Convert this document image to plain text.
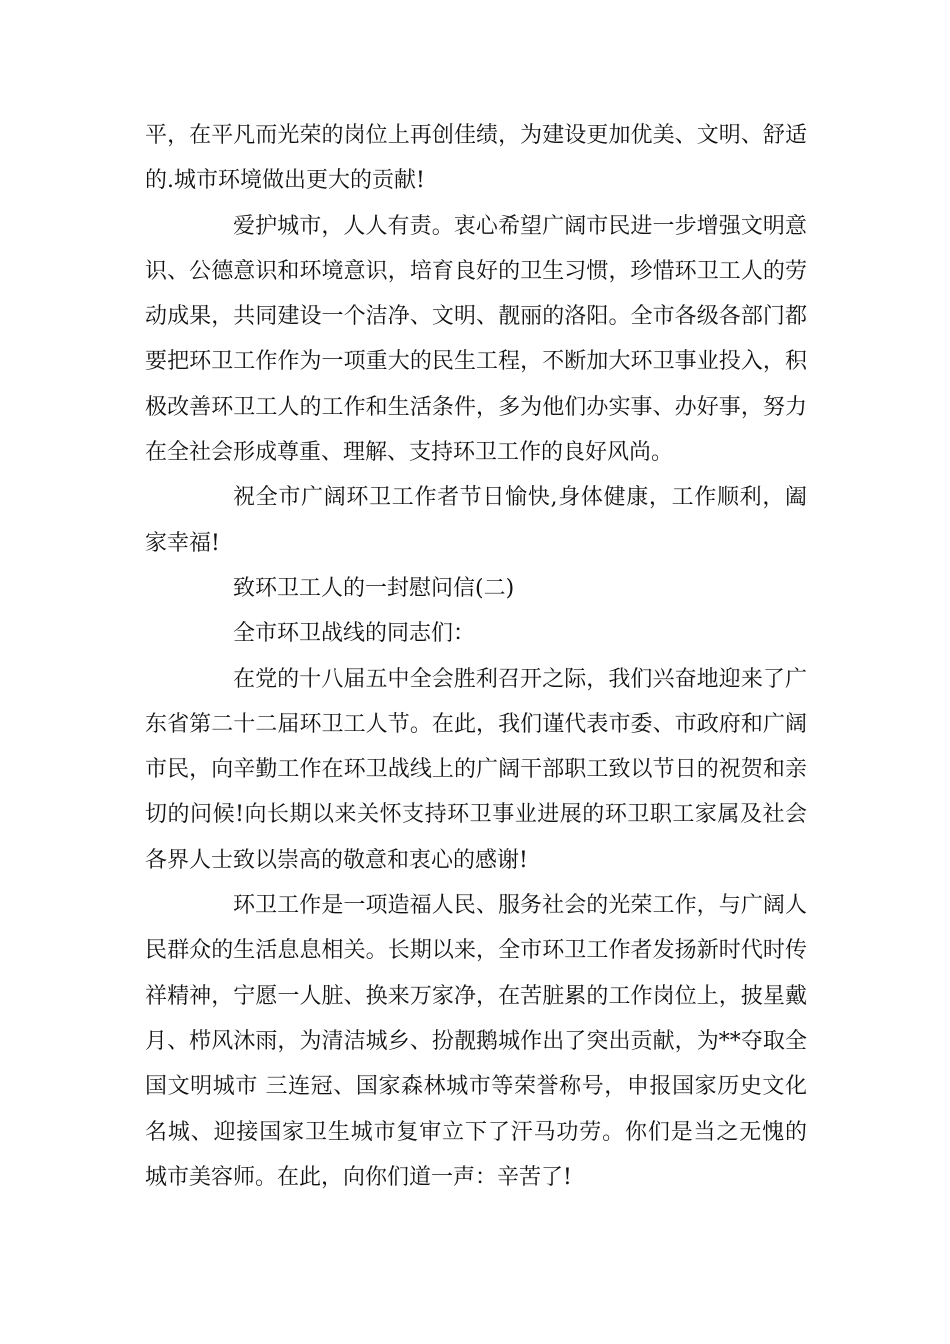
平，在平凡而光荣的岗位上再创佳绩，为建设更加优美、文明、舒适的.城市环境做出更大的贡献!

爱护城市，人人有责。衷心希望广阔市民进一步增强文明意识、公德意识和环境意识，培育良好的卫生习惯，珍惜环卫工人的劳动成果，共同建设一个洁净、文明、靓丽的洛阳。全市各级各部门都要把环卫工作作为一项重大的民生工程，不断加大环卫事业投入，积极改善环卫工人的工作和生活条件，多为他们办实事、办好事，努力在全社会形成尊重、理解、支持环卫工作的良好风尚。

祝全市广阔环卫工作者节日愉快,身体健康，工作顺利，阖家幸福!

致环卫工人的一封慰问信(二)

全市环卫战线的同志们：

在党的十八届五中全会胜利召开之际，我们兴奋地迎来了广东省第二十二届环卫工人节。在此，我们谨代表市委、市政府和广阔市民，向辛勤工作在环卫战线上的广阔干部职工致以节日的祝贺和亲切的问候!向长期以来关怀支持环卫事业进展的环卫职工家属及社会各界人士致以崇高的敬意和衷心的感谢!

环卫工作是一项造福人民、服务社会的光荣工作，与广阔人民群众的生活息息相关。长期以来，全市环卫工作者发扬新时代时传祥精神，宁愿一人脏、换来万家净，在苦脏累的工作岗位上，披星戴月、栉风沐雨，为清洁城乡、扮靓鹅城作出了突出贡献，为**夺取全国文明城市 三连冠、国家森林城市等荣誉称号，申报国家历史文化名城、迎接国家卫生城市复审立下了汗马功劳。你们是当之无愧的 城市美容师。在此，向你们道一声：辛苦了!
